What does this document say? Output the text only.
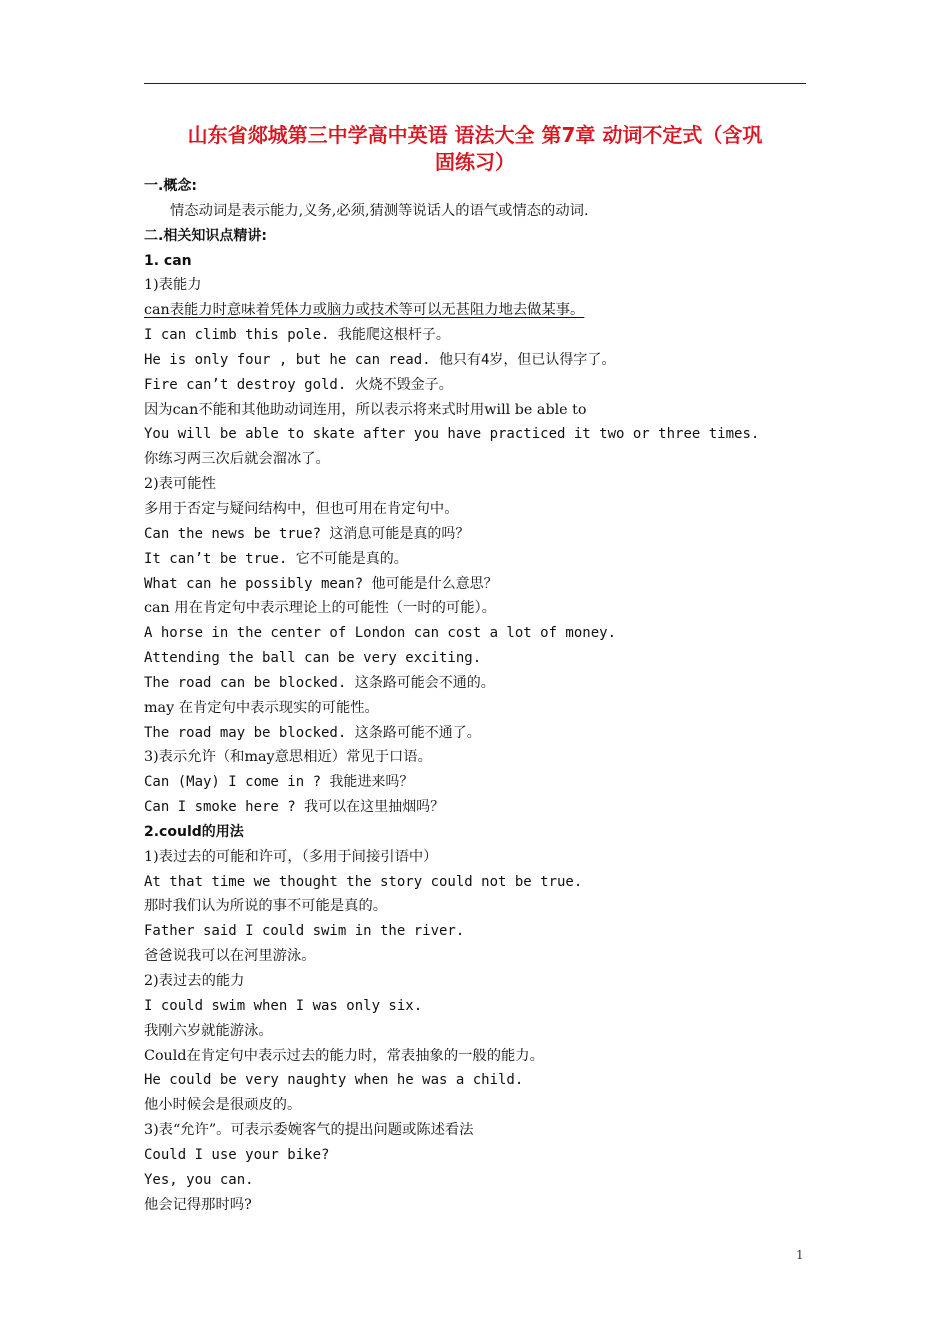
山东省郯城第三中学高中英语 语法大全 第7章 动词不定式（含巩
固练习）
一.概念:
情态动词是表示能力,义务,必须,猜测等说话人的语气或情态的动词.
二.相关知识点精讲:
1. can
1)表能力
can表能力时意味着凭体力或脑力或技术等可以无甚阻力地去做某事。
I can climb this pole. 我能爬这根杆子。
He is only four , but he can read. 他只有4岁，但已认得字了。
Fire can’t destroy gold. 火烧不毁金子。
因为can不能和其他助动词连用，所以表示将来式时用will be able to
You will be able to skate after you have practiced it two or three times.
你练习两三次后就会溜冰了。
2)表可能性
多用于否定与疑问结构中，但也可用在肯定句中。
Can the news be true? 这消息可能是真的吗？
It can’t be true. 它不可能是真的。
What can he possibly mean? 他可能是什么意思？
can 用在肯定句中表示理论上的可能性（一时的可能）。
A horse in the center of London can cost a lot of money.
Attending the ball can be very exciting.
The road can be blocked. 这条路可能会不通的。
may 在肯定句中表示现实的可能性。
The road may be blocked. 这条路可能不通了。
3)表示允许（和may意思相近）常见于口语。
Can (May) I come in ? 我能进来吗？
Can I smoke here ? 我可以在这里抽烟吗？
2.could的用法
1)表过去的可能和许可，（多用于间接引语中）
At that time we thought the story could not be true.
那时我们认为所说的事不可能是真的。
Father said I could swim in the river.
爸爸说我可以在河里游泳。
2)表过去的能力
I could swim when I was only six.
我刚六岁就能游泳。
Could在肯定句中表示过去的能力时，常表抽象的一般的能力。
He could be very naughty when he was a child.
他小时候会是很顽皮的。
3)表“允许”。可表示委婉客气的提出问题或陈述看法
Could I use your bike?
Yes, you can.
他会记得那时吗?
1
